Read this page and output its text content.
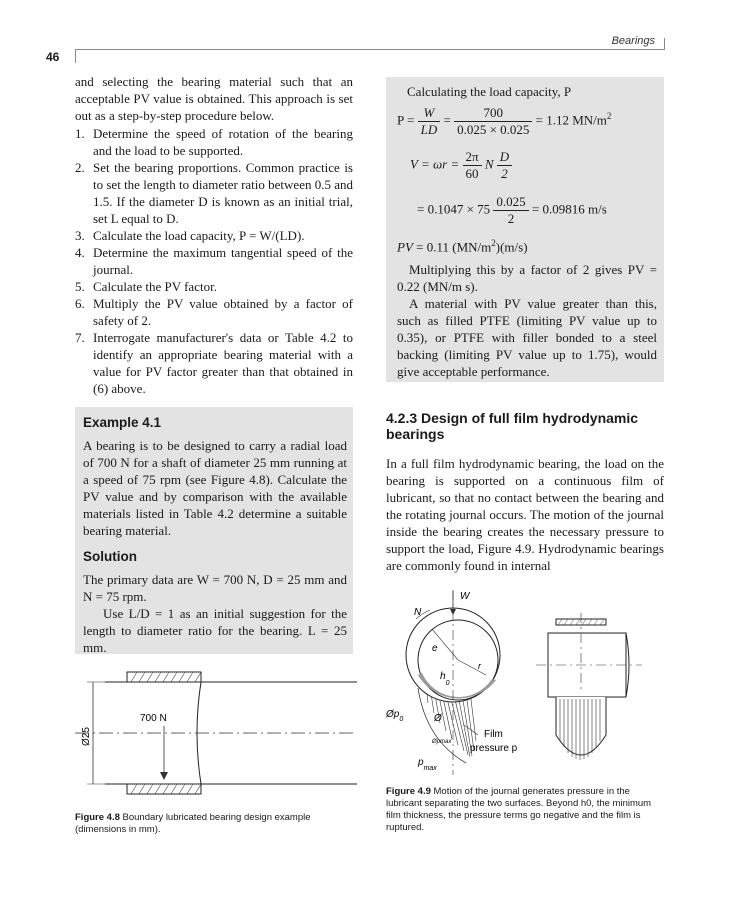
46
Bearings

and selecting the bearing material such that an acceptable PV value is obtained. This approach is set out as a step-by-step procedure below.

1. Determine the speed of rotation of the bearing and the load to be supported.
2. Set the bearing proportions. Common practice is to set the length to diameter ratio between 0.5 and 1.5. If the diameter D is known as an initial trial, set L equal to D.
3. Calculate the load capacity, P = W/(LD).
4. Determine the maximum tangential speed of the journal.
5. Calculate the PV factor.
6. Multiply the PV value obtained by a factor of safety of 2.
7. Interrogate manufacturer's data or Table 4.2 to identify an appropriate bearing material with a value for PV factor greater than that obtained in (6) above.
Example 4.1

A bearing is to be designed to carry a radial load of 700 N for a shaft of diameter 25 mm running at a speed of 75 rpm (see Figure 4.8). Calculate the PV value and by comparison with the available materials listed in Table 4.2 determine a suitable bearing material.

Solution

The primary data are W = 700 N, D = 25 mm and N = 75 rpm.

Use L/D = 1 as an initial suggestion for the length to diameter ratio for the bearing. L = 25 mm.

Calculating the load capacity, P
$P = \frac{W}{LD} = \frac{700}{0.025 \times 0.025} = 1.12$ $MN/m^2$
$V = \omega r = \frac{2\pi}{60}$ N $\frac{D}{2}$
= $0.1047 \times 75 \frac{0.025}{2} = 0.09816$ m/s
PV = 0.11 $(MN/m^2)(m/s)$

Multiplying this by a factor of 2 gives PV = 0.22 (MN/m s).

A material with PV value greater than this, such as filled PTFE (limiting PV value up to 0.35), or PTFE with filler bonded to a steel backing (limiting PV value up to 1.75), would give acceptable performance.

4.2.3 Design of full film hydrodynamic bearings
In a full film hydrodynamic bearing, the load on the bearing is supported on a continuous film of lubricant, so that no contact between the bearing and the rotating journal occurs. The motion of the journal inside the bearing creates the necessary pressure to support the load, Figure 4.9. Hydrodynamic bearings are commonly found in internal
Ø25
700 N
Figure 4.8 Boundary lubricated bearing design example (dimensions in mm).
W
N
e
r
$h_0$
$Øp_0$	Ø
Øpmax
$p_{max}$
Film
pressure p
Figure 4.9 Motion of the journal generates pressure in the lubricant separating the two surfaces. Beyond h0, the minimum film thickness, the pressure terms go negative and the film is ruptured.
